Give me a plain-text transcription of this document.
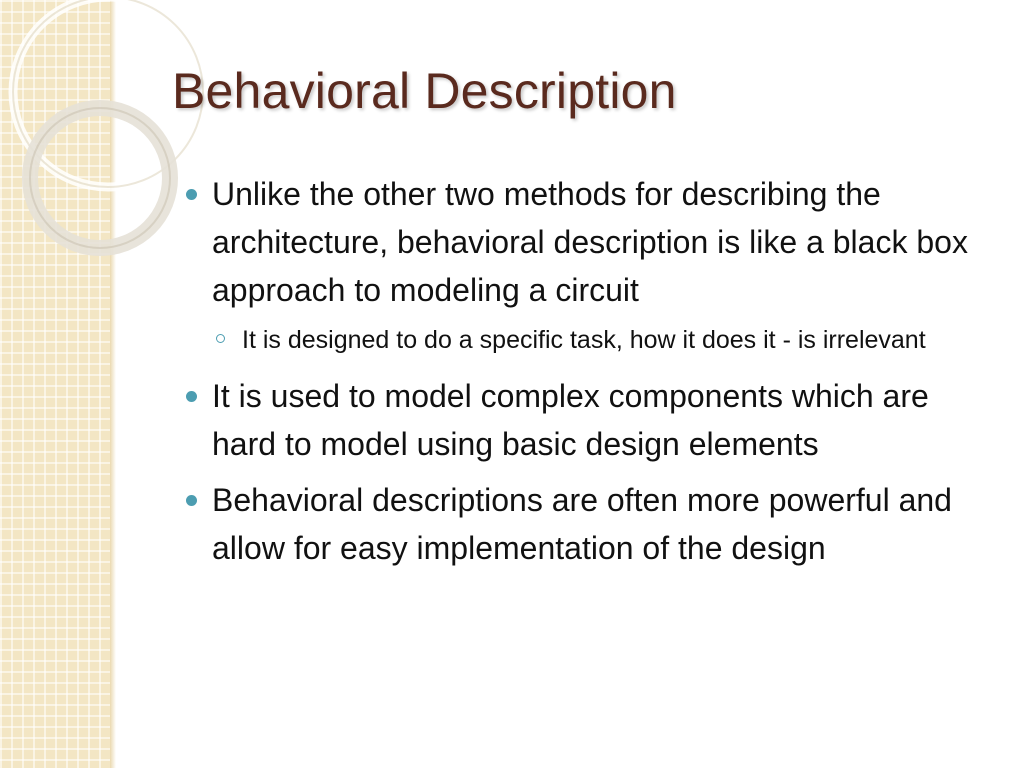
Behavioral Description
Unlike the other two methods for describing the architecture, behavioral description is like a black box approach to modeling a circuit
It is designed to do a specific task, how it does it - is irrelevant
It is used to model complex components which are hard to model using basic design elements
Behavioral descriptions are often more powerful and allow for easy implementation of the design
